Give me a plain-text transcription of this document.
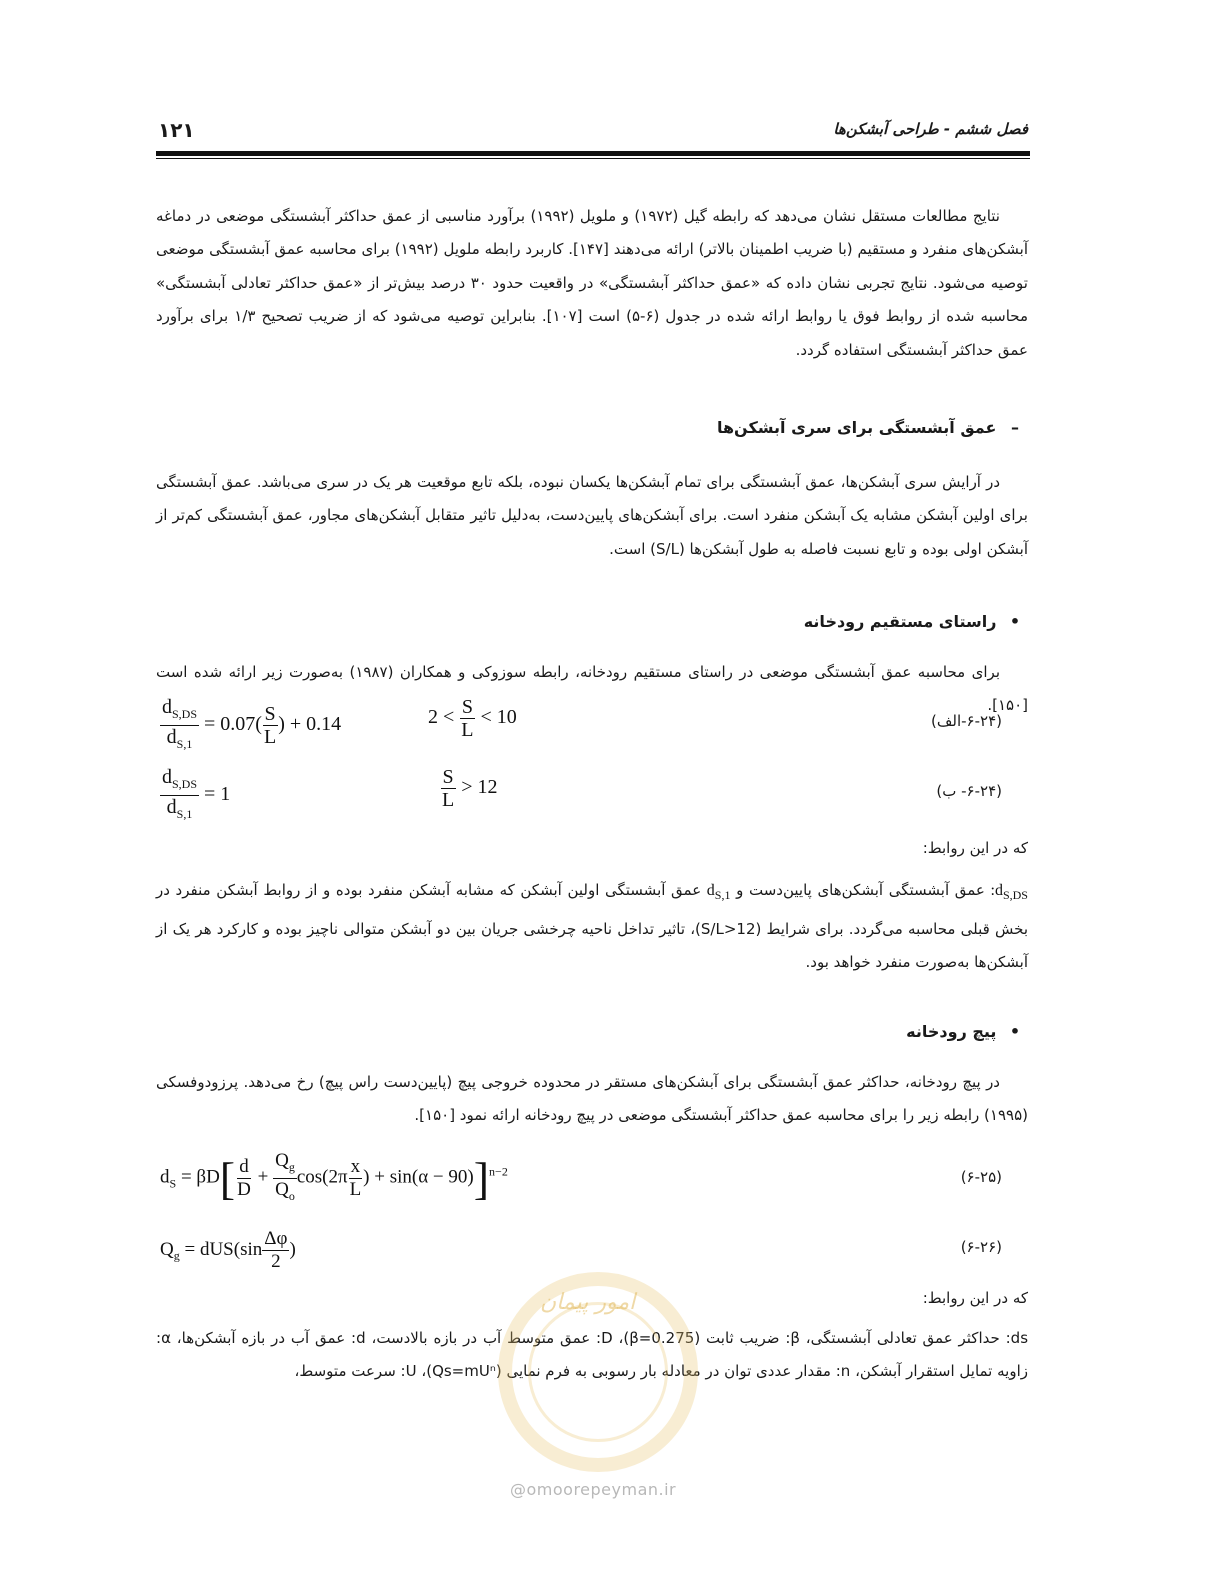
۱۲۱	فصل ششم - طراحی آبشکن‌ها

نتایج مطالعات مستقل نشان می‌دهد که رابطه گیل (۱۹۷۲) و ملویل (۱۹۹۲) برآورد مناسبی از عمق حداکثر آبشستگی موضعی در دماغه آبشکن‌های منفرد و مستقیم (با ضریب اطمینان بالاتر) ارائه می‌دهند [۱۴۷]. کاربرد رابطه ملویل (۱۹۹۲) برای محاسبه عمق آبشستگی موضعی توصیه می‌شود. نتایج تجربی نشان داده که «عمق حداکثر آبشستگی» در واقعیت حدود ۳۰ درصد بیش‌تر از «عمق حداکثر تعادلی آبشستگی» محاسبه شده از روابط فوق یا روابط ارائه شده در جدول (۶-۵) است [۱۰۷]. بنابراین توصیه می‌شود که از ضریب تصحیح ۱/۳ برای برآورد عمق حداکثر آبشستگی استفاده گردد.

– عمق آبشستگی برای سری آبشکن‌ها

در آرایش سری آبشکن‌ها، عمق آبشستگی برای تمام آبشکن‌ها یکسان نبوده، بلکه تابع موقعیت هر یک در سری می‌باشد. عمق آبشستگی برای اولین آبشکن مشابه یک آبشکن منفرد است. برای آبشکن‌های پایین‌دست، به‌دلیل تاثیر متقابل آبشکن‌های مجاور، عمق آبشستگی کم‌تر از آبشکن اولی بوده و تابع نسبت فاصله به طول آبشکن‌ها (S/L) است.

• راستای مستقیم رودخانه

برای محاسبه عمق آبشستگی موضعی در راستای مستقیم رودخانه، رابطه سوزوکی و همکاران (۱۹۸۷) به‌صورت زیر ارائه شده است [۱۵۰].

$\frac{d_{S,DS}}{d_{S,1}} = 0.07( \frac{S}{L}$ ) + 0.14	$2 < \frac{S}{L} < 10$	(۶-۲۴-الف)
$\frac{d_{S,DS}}{d_{S,1}} = 1$	$\frac{S}{L} > 12$	(۶-۲۴- ب)
که در این روابط:
$d_{S,DS}$: عمق آبشستگی آبشکن‌های پایین‌دست و $d_{S,1}$ عمق آبشستگی اولین آبشکن که مشابه آبشکن منفرد بوده و از روابط آبشکن منفرد در بخش قبلی محاسبه می‌گردد. برای شرایط (S/L>12)، تاثیر تداخل ناحیه چرخشی جریان بین دو آبشکن متوالی ناچیز بوده و کارکرد هر یک از آبشکن‌ها به‌صورت منفرد خواهد بود.
• پیچ رودخانه

در پیچ رودخانه، حداکثر عمق آبشستگی برای آبشکن‌های مستقر در محدوده خروجی پیچ (پایین‌دست راس پیچ) رخ می‌دهد. پرزودوفسکی (۱۹۹۵) رابطه زیر را برای محاسبه عمق حداکثر آبشستگی موضعی در پیچ رودخانه ارائه نمود [۱۵۰].

$d_S = \beta D[ \frac{d}{D} + \frac{Q_g}{Q_o} \cos(2\pi \frac{x}{L}$ ) + sin(α − 90)]$^{n-2}$	(۶-۲۵)
$Q_g = dUS(\sin \frac{\Delta\varphi}{2}$ )	(۶-۲۶)
که در این روابط:

ds: حداکثر عمق تعادلی آبشستگی، β: ضریب ثابت (β=0.275)، D: عمق متوسط آب در بازه بالادست، d: عمق آب در بازه آبشکن‌ها، α: زاویه تمایل استقرار آبشکن، n: مقدار عددی توان در معادله بار رسوبی به فرم نمایی (Qs=mUⁿ)، U: سرعت متوسط،

امور پیمان
@omoorepeyman.ir
